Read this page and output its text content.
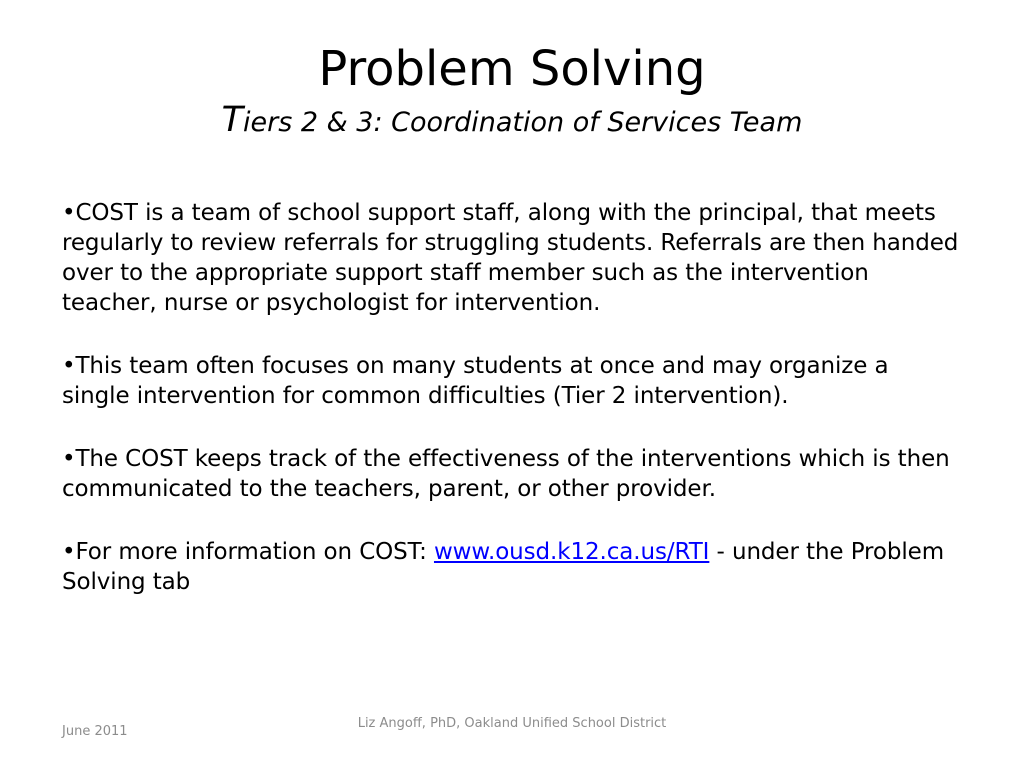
Problem Solving

Tiers 2 & 3: Coordination of Services Team

•COST is a team of school support staff, along with the principal, that meets regularly to review referrals for struggling students. Referrals are then handed over to the appropriate support staff member such as the intervention teacher, nurse or psychologist for intervention.

•This team often focuses on many students at once and may organize a single intervention for common difficulties (Tier 2 intervention).

•The COST keeps track of the effectiveness of the interventions which is then communicated to the teachers, parent, or other provider.

•For more information on COST: www.ousd.k12.ca.us/RTI - under the Problem Solving tab

June 2011
Liz Angoff, PhD, Oakland Unified School District
